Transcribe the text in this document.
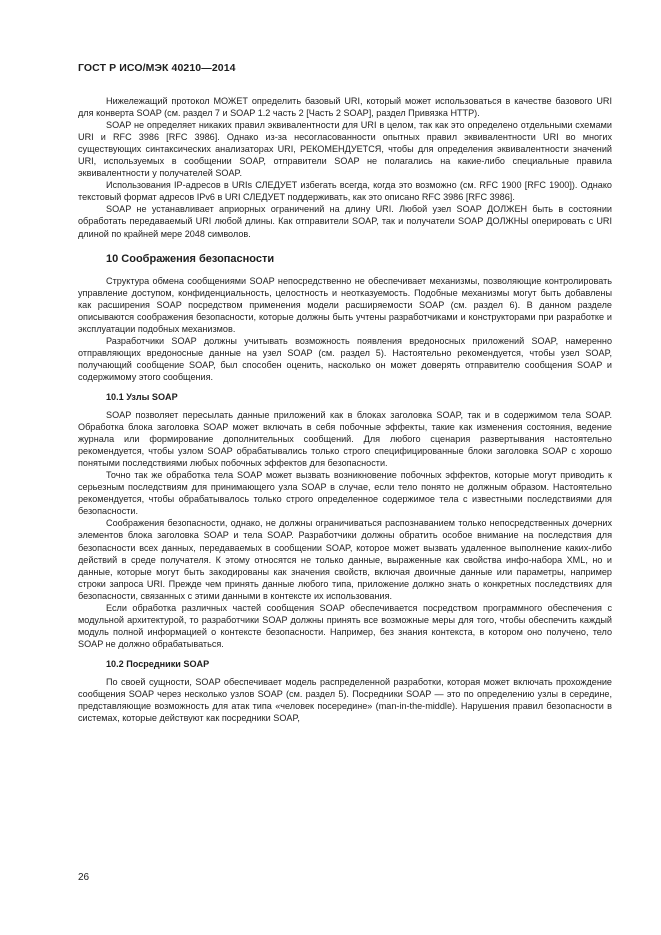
ГОСТ Р ИСО/МЭК 40210—2014

Нижележащий протокол МОЖЕТ определить базовый URI, который может использоваться в качестве базового URI для конверта SOAP (см. раздел 7 и SOAP 1.2 часть 2 [Часть 2 SOAP], раздел Привязка HTTP).

SOAP не определяет никаких правил эквивалентности для URI в целом, так как это определено отдельными схемами URI и RFC 3986 [RFC 3986]. Однако из-за несогласованности опытных правил эквивалентности URI во многих существующих синтаксических анализаторах URI, РЕКОМЕНДУЕТСЯ, чтобы для определения эквивалентности значений URI, используемых в сообщении SOAP, отправители SOAP не полагались на какие-либо специальные правила эквивалентности у получателей SOAP.

Использования IP-адресов в URIs СЛЕДУЕТ избегать всегда, когда это возможно (см. RFC 1900 [RFC 1900]). Однако текстовый формат адресов IPv6 в URI СЛЕДУЕТ поддерживать, как это описано RFC 3986 [RFC 3986].

SOAP не устанавливает априорных ограничений на длину URI. Любой узел SOAP ДОЛЖЕН быть в состоянии обработать передаваемый URI любой длины. Как отправители SOAP, так и получатели SOAP ДОЛЖНЫ оперировать с URI длиной по крайней мере 2048 символов.

10 Соображения безопасности

Структура обмена сообщениями SOAP непосредственно не обеспечивает механизмы, позволяющие контролировать управление доступом, конфиденциальность, целостность и неотказуемость. Подобные механизмы могут быть добавлены как расширения SOAP посредством применения модели расширяемости SOAP (см. раздел 6). В данном разделе описываются соображения безопасности, которые должны быть учтены разработчиками и конструкторами при разработке и эксплуатации подобных механизмов.

Разработчики SOAP должны учитывать возможность появления вредоносных приложений SOAP, намеренно отправляющих вредоносные данные на узел SOAP (см. раздел 5). Настоятельно рекомендуется, чтобы узел SOAP, получающий сообщение SOAP, был способен оценить, насколько он может доверять отправителю сообщения SOAP и содержимому этого сообщения.

10.1 Узлы SOAP

SOAP позволяет пересылать данные приложений как в блоках заголовка SOAP, так и в содержимом тела SOAP. Обработка блока заголовка SOAP может включать в себя побочные эффекты, такие как изменения состояния, ведение журнала или формирование дополнительных сообщений. Для любого сценария развертывания настоятельно рекомендуется, чтобы узлом SOAP обрабатывались только строго специфицированные блоки заголовка SOAP с хорошо понятыми последствиями любых побочных эффектов для безопасности.

Точно так же обработка тела SOAP может вызвать возникновение побочных эффектов, которые могут приводить к серьезным последствиям для принимающего узла SOAP в случае, если тело понято не должным образом. Настоятельно рекомендуется, чтобы обрабатывалось только строго определенное содержимое тела с известными последствиями для безопасности.

Соображения безопасности, однако, не должны ограничиваться распознаванием только непосредственных дочерних элементов блока заголовка SOAP и тела SOAP. Разработчики должны обратить особое внимание на последствия для безопасности всех данных, передаваемых в сообщении SOAP, которое может вызвать удаленное выполнение каких-либо действий в среде получателя. К этому относятся не только данные, выраженные как свойства инфо-набора XML, но и данные, которые могут быть закодированы как значения свойств, включая двоичные данные или параметры, например строки запроса URI. Прежде чем принять данные любого типа, приложение должно знать о конкретных последствиях для безопасности, связанных с этими данными в контексте их использования.

Если обработка различных частей сообщения SOAP обеспечивается посредством программного обеспечения с модульной архитектурой, то разработчики SOAP должны принять все возможные меры для того, чтобы обеспечить каждый модуль полной информацией о контексте безопасности. Например, без знания контекста, в котором оно получено, тело SOAP не должно обрабатываться.

10.2 Посредники SOAP

По своей сущности, SOAP обеспечивает модель распределенной разработки, которая может включать прохождение сообщения SOAP через несколько узлов SOAP (см. раздел 5). Посредники SOAP — это по определению узлы в середине, представляющие возможность для атак типа «человек посередине» (man-in-the-middle). Нарушения правил безопасности в системах, которые действуют как посредники SOAP,

26
